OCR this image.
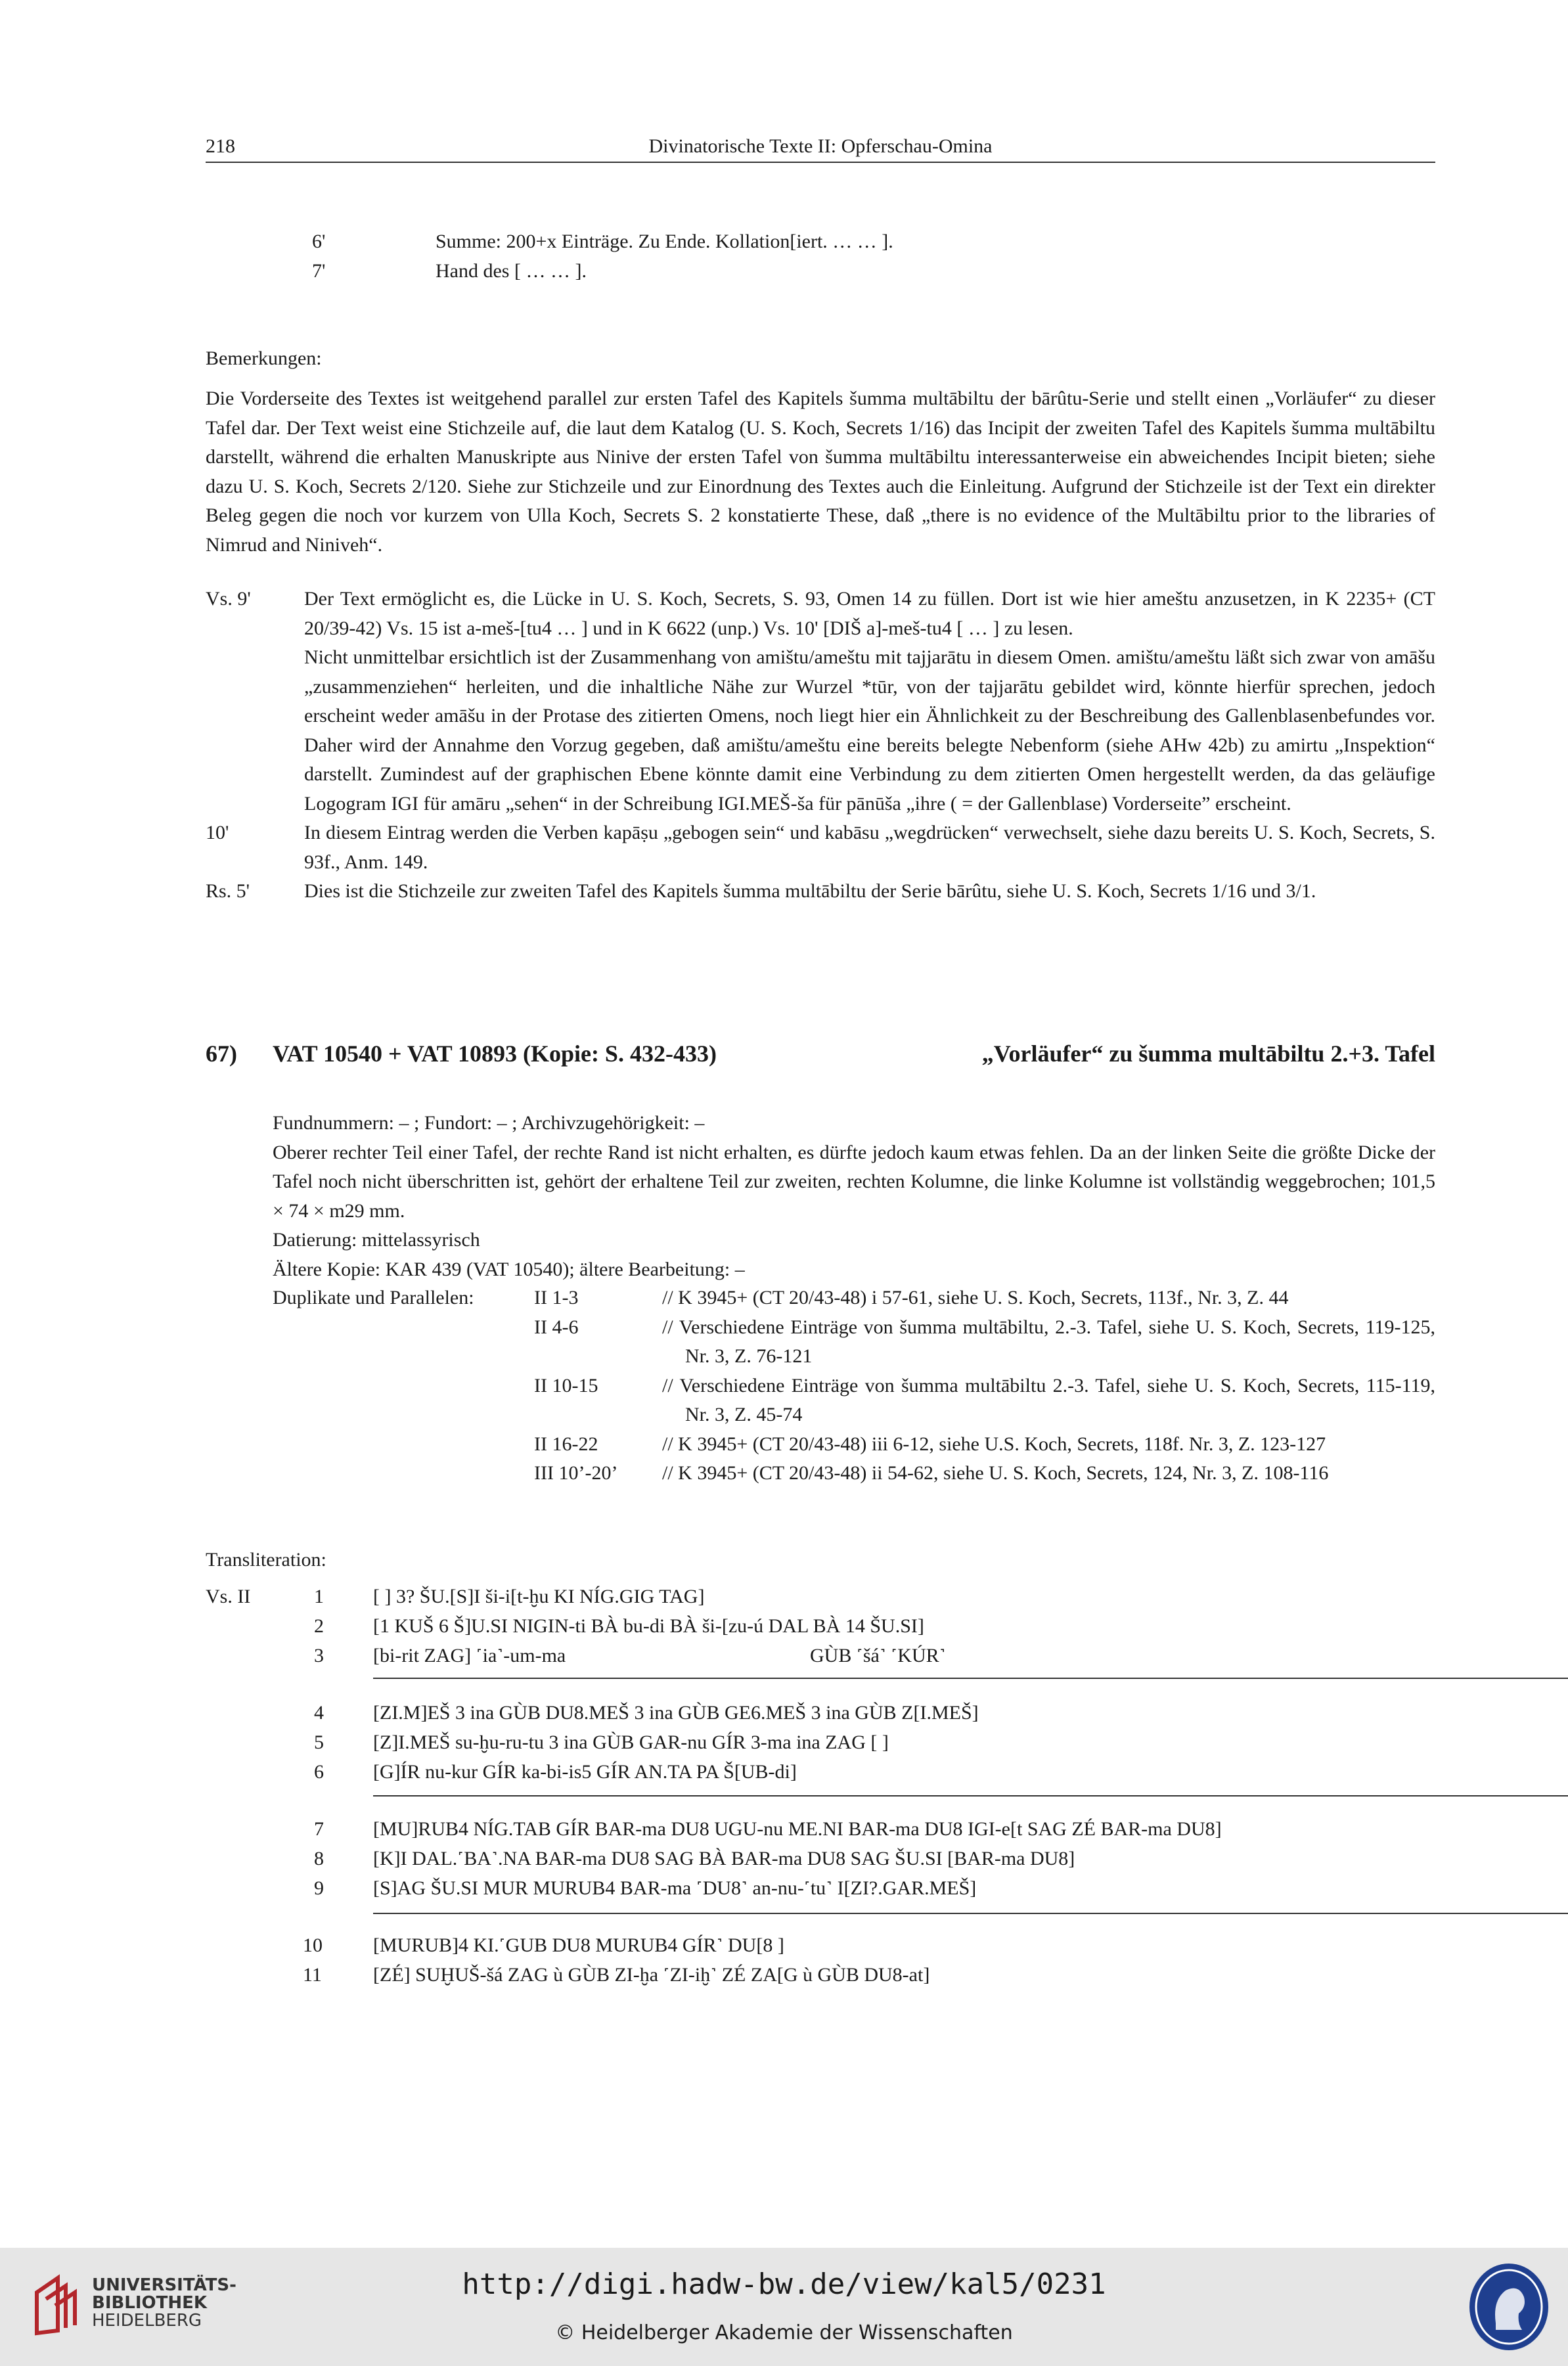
218	Divinatorische Texte II: Opferschau-Omina
6'	Summe: 200+x Einträge. Zu Ende. Kollation[iert. … … ].
7'	Hand des [ … … ].
Bemerkungen:
Die Vorderseite des Textes ist weitgehend parallel zur ersten Tafel des Kapitels šumma multābiltu der bārûtu-Serie und stellt einen „Vorläufer“ zu dieser Tafel dar. Der Text weist eine Stichzeile auf, die laut dem Katalog (U. S. Koch, Secrets 1/16) das Incipit der zweiten Tafel des Kapitels šumma multābiltu darstellt, während die erhalten Manuskripte aus Ninive der ersten Tafel von šumma multābiltu interessanterweise ein abweichendes Incipit bieten; siehe dazu U. S. Koch, Secrets 2/120. Siehe zur Stichzeile und zur Einordnung des Textes auch die Einleitung. Aufgrund der Stichzeile ist der Text ein direkter Beleg gegen die noch vor kurzem von Ulla Koch, Secrets S. 2 konstatierte These, daß „there is no evidence of the Multābiltu prior to the libraries of Nimrud and Niniveh“.
Vs. 9'	Der Text ermöglicht es, die Lücke in U. S. Koch, Secrets, S. 93, Omen 14 zu füllen. Dort ist wie hier ameštu anzusetzen, in K 2235+ (CT 20/39-42) Vs. 15 ist a-meš-[tu4 … ] und in K 6622 (unp.) Vs. 10' [DIŠ a]-meš-tu4 [ … ] zu lesen.
Nicht unmittelbar ersichtlich ist der Zusammenhang von amištu/ameštu mit tajjarātu in diesem Omen. amištu/ameštu läßt sich zwar von amāšu „zusammenziehen“ herleiten, und die inhaltliche Nähe zur Wurzel *tūr, von der tajjarātu gebildet wird, könnte hierfür sprechen, jedoch erscheint weder amāšu in der Protase des zitierten Omens, noch liegt hier ein Ähnlichkeit zu der Beschreibung des Gallenblasenbefundes vor. Daher wird der Annahme den Vorzug gegeben, daß amištu/ameštu eine bereits belegte Nebenform (siehe AHw 42b) zu amirtu „Inspektion“ darstellt. Zumindest auf der graphischen Ebene könnte damit eine Verbindung zu dem zitierten Omen hergestellt werden, da das geläufige Logogram IGI für amāru „sehen“ in der Schreibung IGI.MEŠ-ša für pānūša „ihre ( = der Gallenblase) Vorderseite” erscheint.
10'	In diesem Eintrag werden die Verben kapāṣu „gebogen sein“ und kabāsu „wegdrücken“ verwechselt, siehe dazu bereits U. S. Koch, Secrets, S. 93f., Anm. 149.
Rs. 5'	Dies ist die Stichzeile zur zweiten Tafel des Kapitels šumma multābiltu der Serie bārûtu, siehe U. S. Koch, Secrets 1/16 und 3/1.
67) VAT 10540 + VAT 10893 (Kopie: S. 432-433)	„Vorläufer“ zu šumma multābiltu 2.+3. Tafel
Fundnummern: – ; Fundort: – ; Archivzugehörigkeit: –
Oberer rechter Teil einer Tafel, der rechte Rand ist nicht erhalten, es dürfte jedoch kaum etwas fehlen. Da an der linken Seite die größte Dicke der Tafel noch nicht überschritten ist, gehört der erhaltene Teil zur zweiten, rechten Kolumne, die linke Kolumne ist vollständig weggebrochen; 101,5 × 74 × m29 mm.
Datierung: mittelassyrisch
Ältere Kopie: KAR 439 (VAT 10540); ältere Bearbeitung: –
Duplikate und Parallelen:	II 1-3	// K 3945+ (CT 20/43-48) i 57-61, siehe U. S. Koch, Secrets, 113f., Nr. 3, Z. 44
II 4-6	// Verschiedene Einträge von šumma multābiltu, 2.-3. Tafel, siehe U. S. Koch, Secrets, 119-125, Nr. 3, Z. 76-121
II 10-15	// Verschiedene Einträge von šumma multābiltu 2.-3. Tafel, siehe U. S. Koch, Secrets, 115-119, Nr. 3, Z. 45-74
II 16-22	// K 3945+ (CT 20/43-48) iii 6-12, siehe U.S. Koch, Secrets, 118f. Nr. 3, Z. 123-127
III 10’-20’ // K 3945+ (CT 20/43-48) ii 54-62, siehe U. S. Koch, Secrets, 124, Nr. 3, Z. 108-116
Transliteration:
Vs. II	1	[ ] 3? ŠU.[S]I ši-i[t-ḫu KI NÍG.GIG TAG]
2	[1 KUŠ 6 Š]U.SI NIGIN-ti BÀ bu-di BÀ ši-[zu-ú DAL BÀ 14 ŠU.SI]
3	[bi-rit ZAG] ˹ia˺-um-ma	GÙB ˹šá˺ ˹KÚR˺
4	[ZI.M]EŠ 3 ina GÙB DU8.MEŠ 3 ina GÙB GE6.MEŠ 3 ina GÙB Z[I.MEŠ]
5	[Z]I.MEŠ su-ḫu-ru-tu 3 ina GÙB GAR-nu GÍR 3-ma ina ZAG [ ]
6	[G]ÍR nu-kur GÍR ka-bi-is5 GÍR AN.TA PA Š[UB-di]
7	[MU]RUB4 NÍG.TAB GÍR BAR-ma DU8 UGU-nu ME.NI BAR-ma DU8 IGI-e[t SAG ZÉ BAR-ma DU8]
8	[K]I DAL.˹BA˺.NA BAR-ma DU8 SAG BÀ BAR-ma DU8 SAG ŠU.SI [BAR-ma DU8]
9	[S]AG ŠU.SI MUR MURUB4 BAR-ma ˹DU8˺ an-nu-˹tu˺ I[ZI?.GAR.MEŠ]
10	[MURUB]4 KI.˹GUB DU8 MURUB4 GÍR˺ DU[8 ]
11	[ZÉ] SUḪUŠ-šá ZAG ù GÙB ZI-ḫa ˹ZI-iḫ˺ ZÉ ZA[G ù GÙB DU8-at]
UNIVERSITÄTS-
BIBLIOTHEK
HEIDELBERG
http://digi.hadw-bw.de/view/kal5/0231
© Heidelberger Akademie der Wissenschaften
